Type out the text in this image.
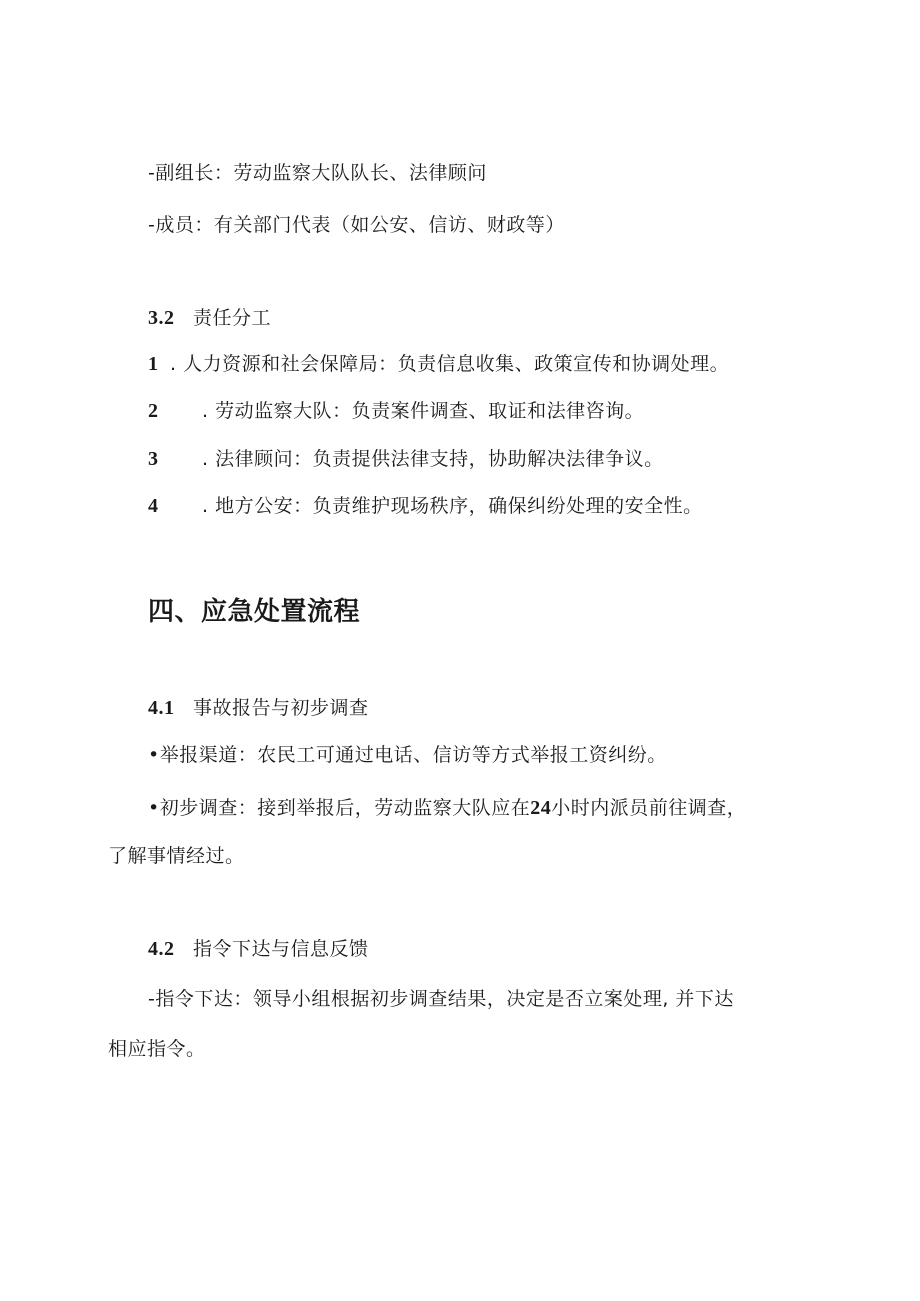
-副组长：劳动监察大队队长、法律顾问
-成员：有关部门代表（如公安、信访、财政等）
3.2 责任分工
1 . 人力资源和社会保障局：负责信息收集、政策宣传和协调处理。
2 . 劳动监察大队：负责案件调查、取证和法律咨询。
3 . 法律顾问：负责提供法律支持，协助解决法律争议。
4 . 地方公安：负责维护现场秩序，确保纠纷处理的安全性。
四、应急处置流程
4.1 事故报告与初步调查
•举报渠道：农民工可通过电话、信访等方式举报工资纠纷。
•初步调查：接到举报后，劳动监察大队应在24小时内派员前往调查，
了解事情经过。
4.2 指令下达与信息反馈
-指令下达：领导小组根据初步调查结果，决定是否立案处理, 并下达
相应指令。
